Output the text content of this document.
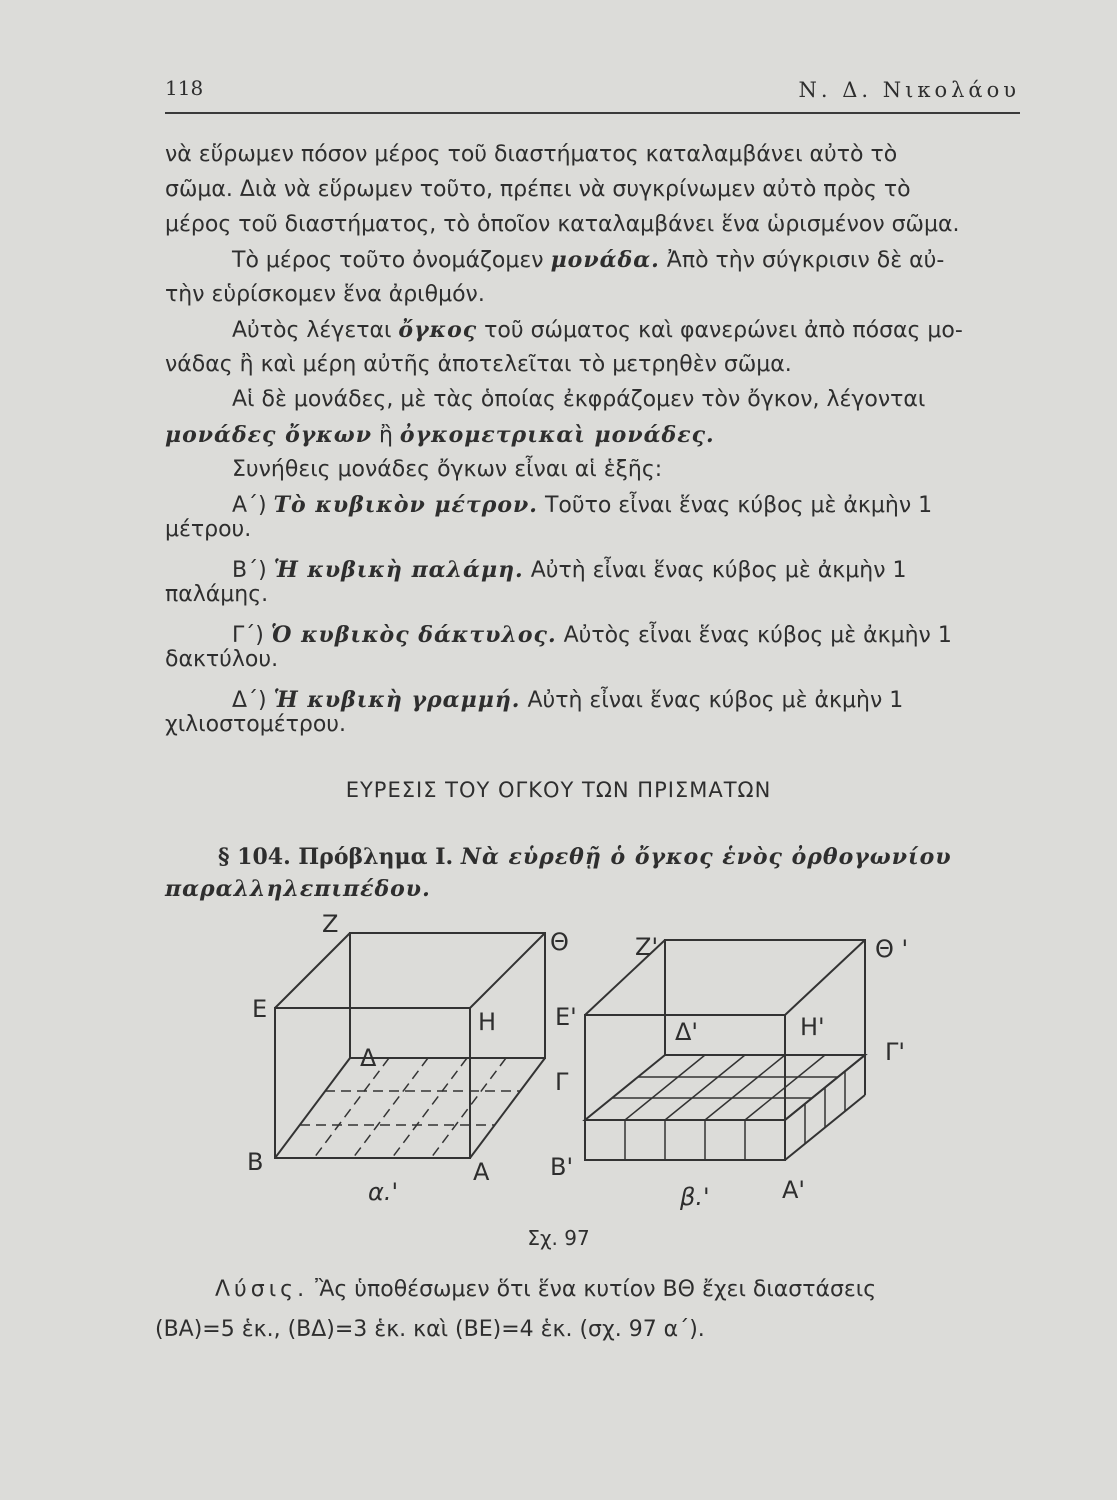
118	Ν. Δ. Νικολάου
νὰ εὕρωμεν πόσον μέρος τοῦ διαστήματος καταλαμβάνει αὐτὸ τὸ
σῶμα. Διὰ νὰ εὕρωμεν τοῦτο, πρέπει νὰ συγκρίνωμεν αὐτὸ πρὸς τὸ
μέρος τοῦ διαστήματος, τὸ ὁποῖον καταλαμβάνει ἕνα ὡρισμένον σῶμα.
Τὸ μέρος τοῦτο ὀνομάζομεν μονάδα. Ἀπὸ τὴν σύγκρισιν δὲ αὐ-
τὴν εὑρίσκομεν ἕνα ἀριθμόν.
Αὐτὸς λέγεται ὄγκος τοῦ σώματος καὶ φανερώνει ἀπὸ πόσας μο-
νάδας ἢ καὶ μέρη αὐτῆς ἀποτελεῖται τὸ μετρηθὲν σῶμα.
Αἱ δὲ μονάδες, μὲ τὰς ὁποίας ἐκφράζομεν τὸν ὄγκον, λέγονται
μονάδες ὄγκων ἢ ὀγκομετρικαὶ μονάδες.
Συνήθεις μονάδες ὄγκων εἶναι αἱ ἑξῆς:
Α΄) Τὸ κυβικὸν μέτρον. Τοῦτο εἶναι ἕνας κύβος μὲ ἀκμὴν 1
μέτρου.
Β΄) Ἡ κυβικὴ παλάμη. Αὐτὴ εἶναι ἕνας κύβος μὲ ἀκμὴν 1
παλάμης.
Γ΄) Ὁ κυβικὸς δάκτυλος. Αὐτὸς εἶναι ἕνας κύβος μὲ ἀκμὴν 1
δακτύλου.
Δ΄) Ἡ κυβικὴ γραμμή. Αὐτὴ εἶναι ἕνας κύβος μὲ ἀκμὴν 1
χιλιοστομέτρου.
ΕΥΡΕΣΙΣ ΤΟΥ ΟΓΚΟΥ ΤΩΝ ΠΡΙΣΜΑΤΩΝ
§ 104. Πρόβλημα I. Νὰ εὑρεθῇ ὁ ὄγκος ἑνὸς ὀρθογωνίου
παραλληλεπιπέδου.
Z
Θ
Ε	Η
Δ
Β	Α
α.'
Z'	Θ '
Ε'
Δ'	Η'
Γ'
Γ
Β'
Α'
β.'
Σχ. 97
Λύσις. Ἂς ὑποθέσωμεν ὅτι ἕνα κυτίον ΒΘ ἔχει διαστάσεις
(ΒΑ)=5 ἑκ., (ΒΔ)=3 ἑκ. καὶ (ΒΕ)=4 ἑκ. (σχ. 97 α΄).
